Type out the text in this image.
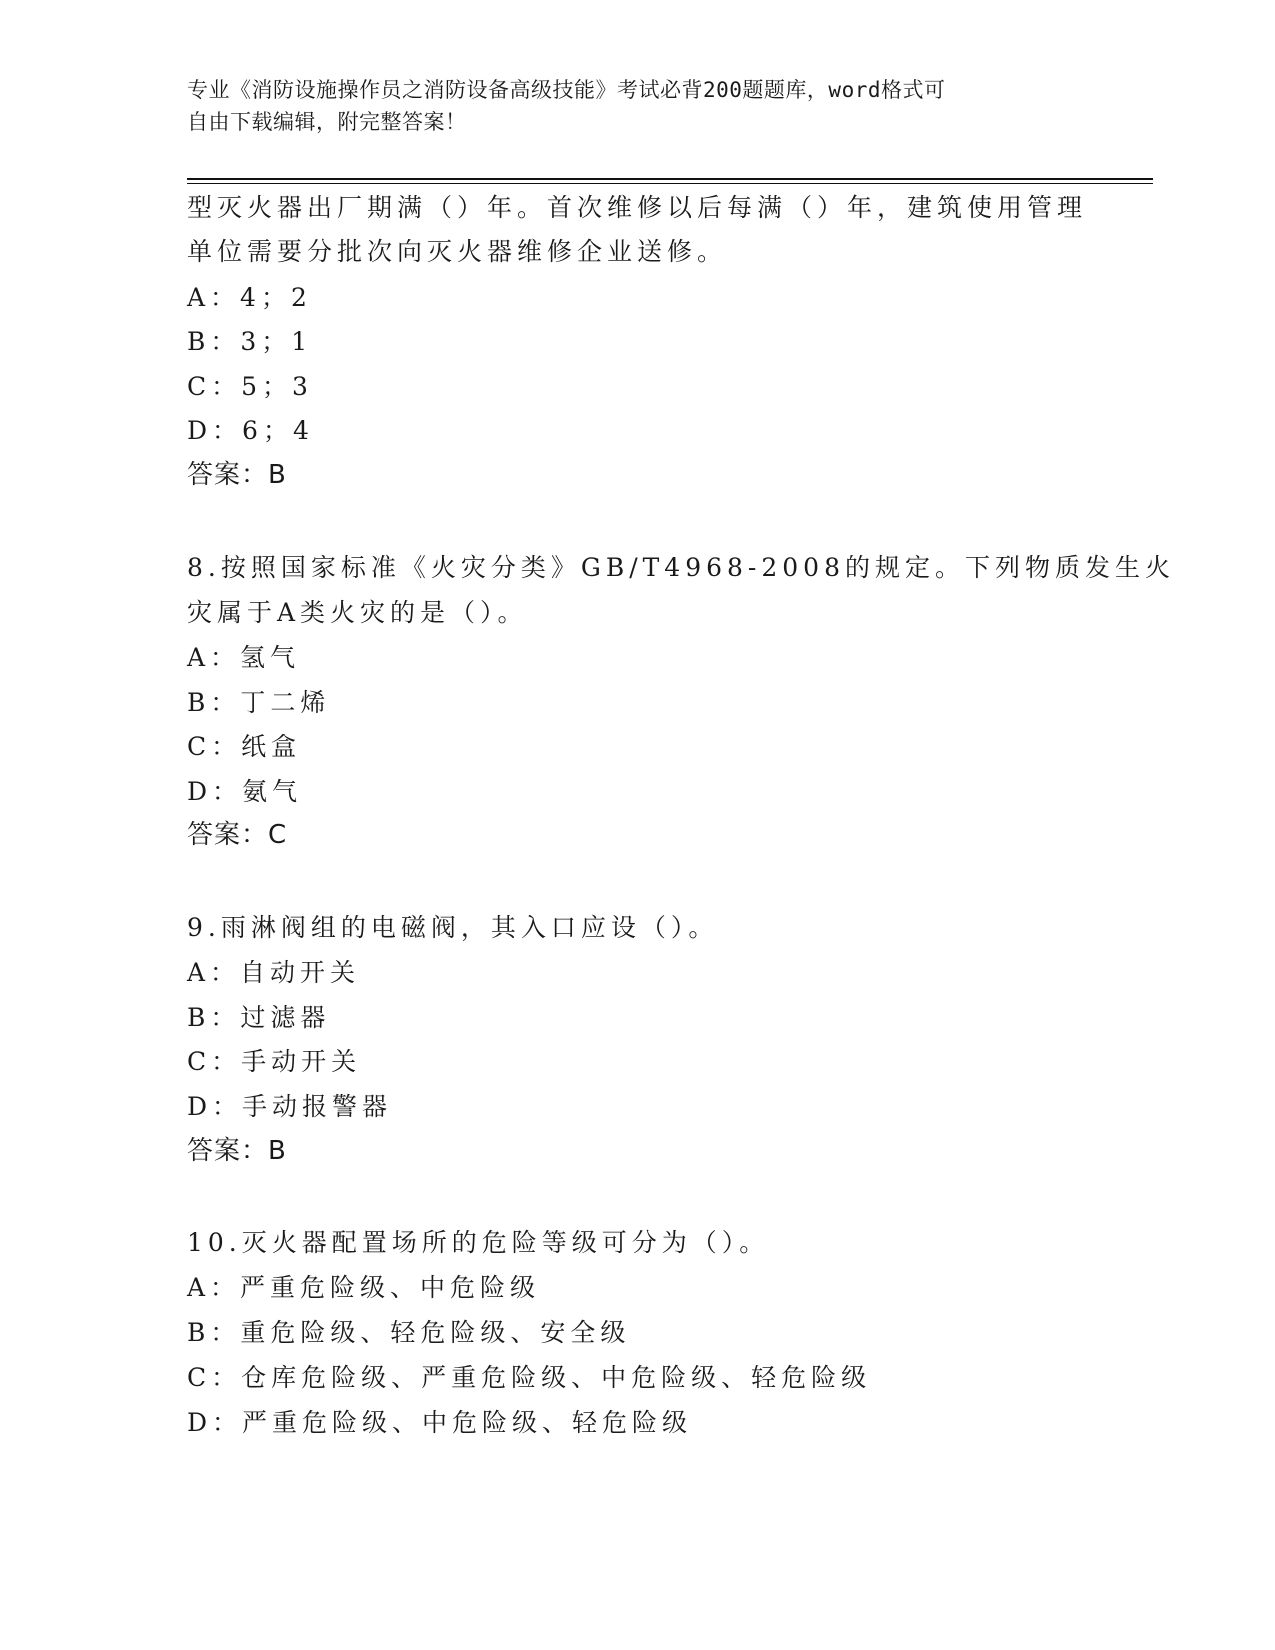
专业《消防设施操作员之消防设备高级技能》考试必背200题题库，word格式可
自由下载编辑，附完整答案！
型灭火器出厂期满（）年。首次维修以后每满（）年，建筑使用管理
单位需要分批次向灭火器维修企业送修。
A：4；2
B：3；1
C：5；3
D：6；4
答案：B
8.按照国家标准《火灾分类》GB/T4968-2008的规定。下列物质发生火
灾属于A类火灾的是（）。
A：氢气
B：丁二烯
C：纸盒
D：氨气
答案：C
9.雨淋阀组的电磁阀，其入口应设（）。
A：自动开关
B：过滤器
C：手动开关
D：手动报警器
答案：B
10.灭火器配置场所的危险等级可分为（）。
A：严重危险级、中危险级
B：重危险级、轻危险级、安全级
C：仓库危险级、严重危险级、中危险级、轻危险级
D：严重危险级、中危险级、轻危险级
